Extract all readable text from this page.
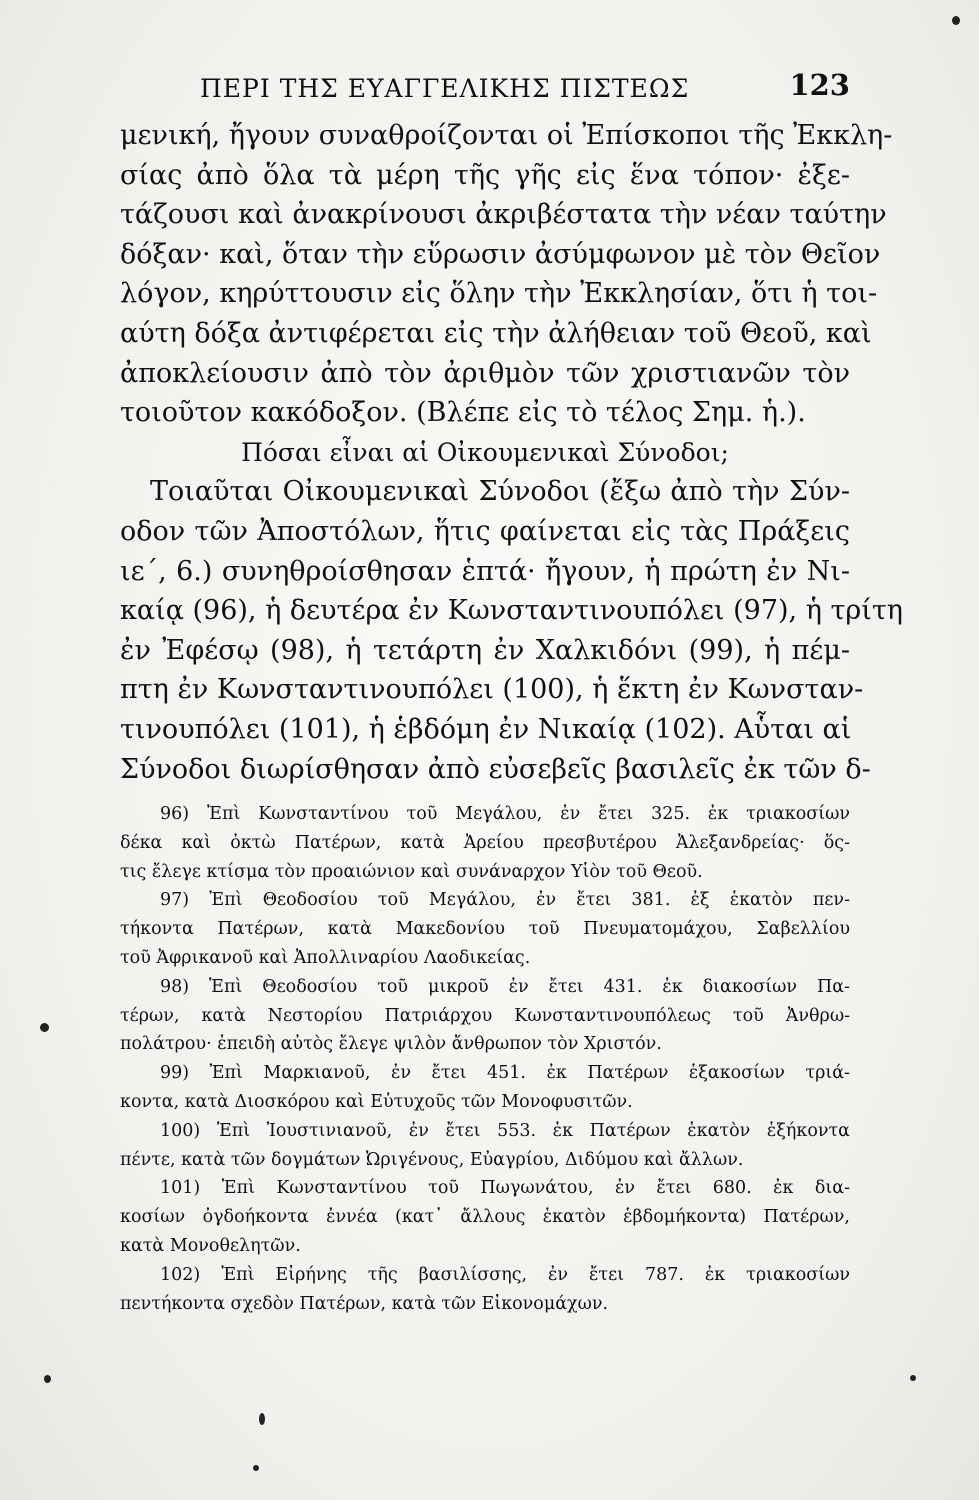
ΠΕΡΙ ΤΗΣ ΕΥΑΓΓΕΛΙΚΗΣ ΠΙΣΤΕΩΣ	123
μενική, ἤγουν συναθροίζονται οἱ Ἐπίσκοποι τῆς Ἐκκλη-
σίας ἀπὸ ὅλα τὰ μέρη τῆς γῆς εἰς ἕνα τόπον· ἐξε-
τάζουσι καὶ ἀνακρίνουσι ἀκριβέστατα τὴν νέαν ταύτην
δόξαν· καὶ, ὅταν τὴν εὕρωσιν ἀσύμφωνον μὲ τὸν Θεῖον
λόγον, κηρύττουσιν εἰς ὅλην τὴν Ἐκκλησίαν, ὅτι ἡ τοι-
αύτη δόξα ἀντιφέρεται εἰς τὴν ἀλήθειαν τοῦ Θεοῦ, καὶ
ἀποκλείουσιν ἀπὸ τὸν ἀριθμὸν τῶν χριστιανῶν τὸν
τοιοῦτον κακόδοξον. (Βλέπε εἰς τὸ τέλος Σημ. ἡ.).
Πόσαι εἶναι αἱ Οἰκουμενικαὶ Σύνοδοι;
Τοιαῦται Οἰκουμενικαὶ Σύνοδοι (ἔξω ἀπὸ τὴν Σύν-
οδον τῶν Ἀποστόλων, ἥτις φαίνεται εἰς τὰς Πράξεις
ιε΄, 6.) συνηθροίσθησαν ἑπτά· ἤγουν, ἡ πρώτη ἐν Νι-
καίᾳ (96), ἡ δευτέρα ἐν Κωνσταντινουπόλει (97), ἡ τρίτη
ἐν Ἐφέσῳ (98), ἡ τετάρτη ἐν Χαλκιδόνι (99), ἡ πέμ-
πτη ἐν Κωνσταντινουπόλει (100), ἡ ἕκτη ἐν Κωνσταν-
τινουπόλει (101), ἡ ἑβδόμη ἐν Νικαίᾳ (102). Αὗται αἱ
Σύνοδοι διωρίσθησαν ἀπὸ εὐσεβεῖς βασιλεῖς ἐκ τῶν δ-
96) Ἐπὶ Κωνσταντίνου τοῦ Μεγάλου, ἐν ἔτει 325. ἐκ τριακοσίων
δέκα καὶ ὀκτὼ Πατέρων, κατὰ Ἀρείου πρεσβυτέρου Ἀλεξανδρείας· ὅς-
τις ἔλεγε κτίσμα τὸν προαιώνιον καὶ συνάναρχον Υἱὸν τοῦ Θεοῦ.
97) Ἐπὶ Θεοδοσίου τοῦ Μεγάλου, ἐν ἔτει 381. ἐξ ἑκατὸν πεν-
τήκοντα Πατέρων, κατὰ Μακεδονίου τοῦ Πνευματομάχου, Σαβελλίου
τοῦ Ἀφρικανοῦ καὶ Ἀπολλιναρίου Λαοδικείας.
98) Ἐπὶ Θεοδοσίου τοῦ μικροῦ ἐν ἔτει 431. ἐκ διακοσίων Πα-
τέρων, κατὰ Νεστορίου Πατριάρχου Κωνσταντινουπόλεως τοῦ Ἀνθρω-
πολάτρου· ἐπειδὴ αὐτὸς ἔλεγε ψιλὸν ἄνθρωπον τὸν Χριστόν.
99) Ἐπὶ Μαρκιανοῦ, ἐν ἔτει 451. ἐκ Πατέρων ἑξακοσίων τριά-
κοντα, κατὰ Διοσκόρου καὶ Εὐτυχοῦς τῶν Μονοφυσιτῶν.
100) Ἐπὶ Ἰουστινιανοῦ, ἐν ἔτει 553. ἐκ Πατέρων ἑκατὸν ἑξήκοντα
πέντε, κατὰ τῶν δογμάτων Ὠριγένους, Εὐαγρίου, Διδύμου καὶ ἄλλων.
101) Ἐπὶ Κωνσταντίνου τοῦ Πωγωνάτου, ἐν ἔτει 680. ἐκ δια-
κοσίων ὀγδοήκοντα ἐννέα (κατ᾽ ἄλλους ἑκατὸν ἑβδομήκοντα) Πατέρων,
κατὰ Μονοθελητῶν.
102) Ἐπὶ Εἰρήνης τῆς βασιλίσσης, ἐν ἔτει 787. ἐκ τριακοσίων
πεντήκοντα σχεδὸν Πατέρων, κατὰ τῶν Εἰκονομάχων.
